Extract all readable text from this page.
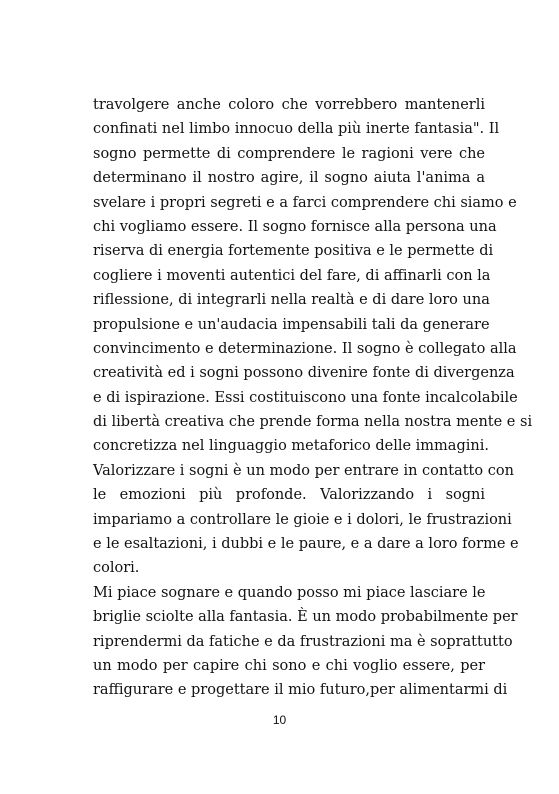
travolgere anche coloro che vorrebbero mantenerli
confinati nel limbo innocuo della più inerte fantasia". Il
sogno permette di comprendere le ragioni vere che
determinano il nostro agire, il sogno aiuta l'anima a
svelare i propri segreti e a farci comprendere chi siamo e
chi vogliamo essere. Il sogno fornisce alla persona una
riserva di energia fortemente positiva e le permette di
cogliere i moventi autentici del fare, di affinarli con la
riflessione, di integrarli nella realtà e di dare loro una
propulsione e un'audacia impensabili tali da generare
convincimento e determinazione. Il sogno è collegato alla
creatività ed i sogni possono divenire fonte di divergenza
e di ispirazione. Essi costituiscono una fonte incalcolabile
di libertà creativa che prende forma nella nostra mente e si
concretizza nel linguaggio metaforico delle immagini.
Valorizzare i sogni è un modo per entrare in contatto con
le emozioni più profonde. Valorizzando i sogni
impariamo a controllare le gioie e i dolori, le frustrazioni
e le esaltazioni, i dubbi e le paure, e a dare a loro forme e
colori.
Mi piace sognare e quando posso mi piace lasciare le
briglie sciolte alla fantasia. È un modo probabilmente per
riprendermi da fatiche e da frustrazioni ma è soprattutto
un modo per capire chi sono e chi voglio essere, per
raffigurare e progettare il mio futuro,per alimentarmi di
10
